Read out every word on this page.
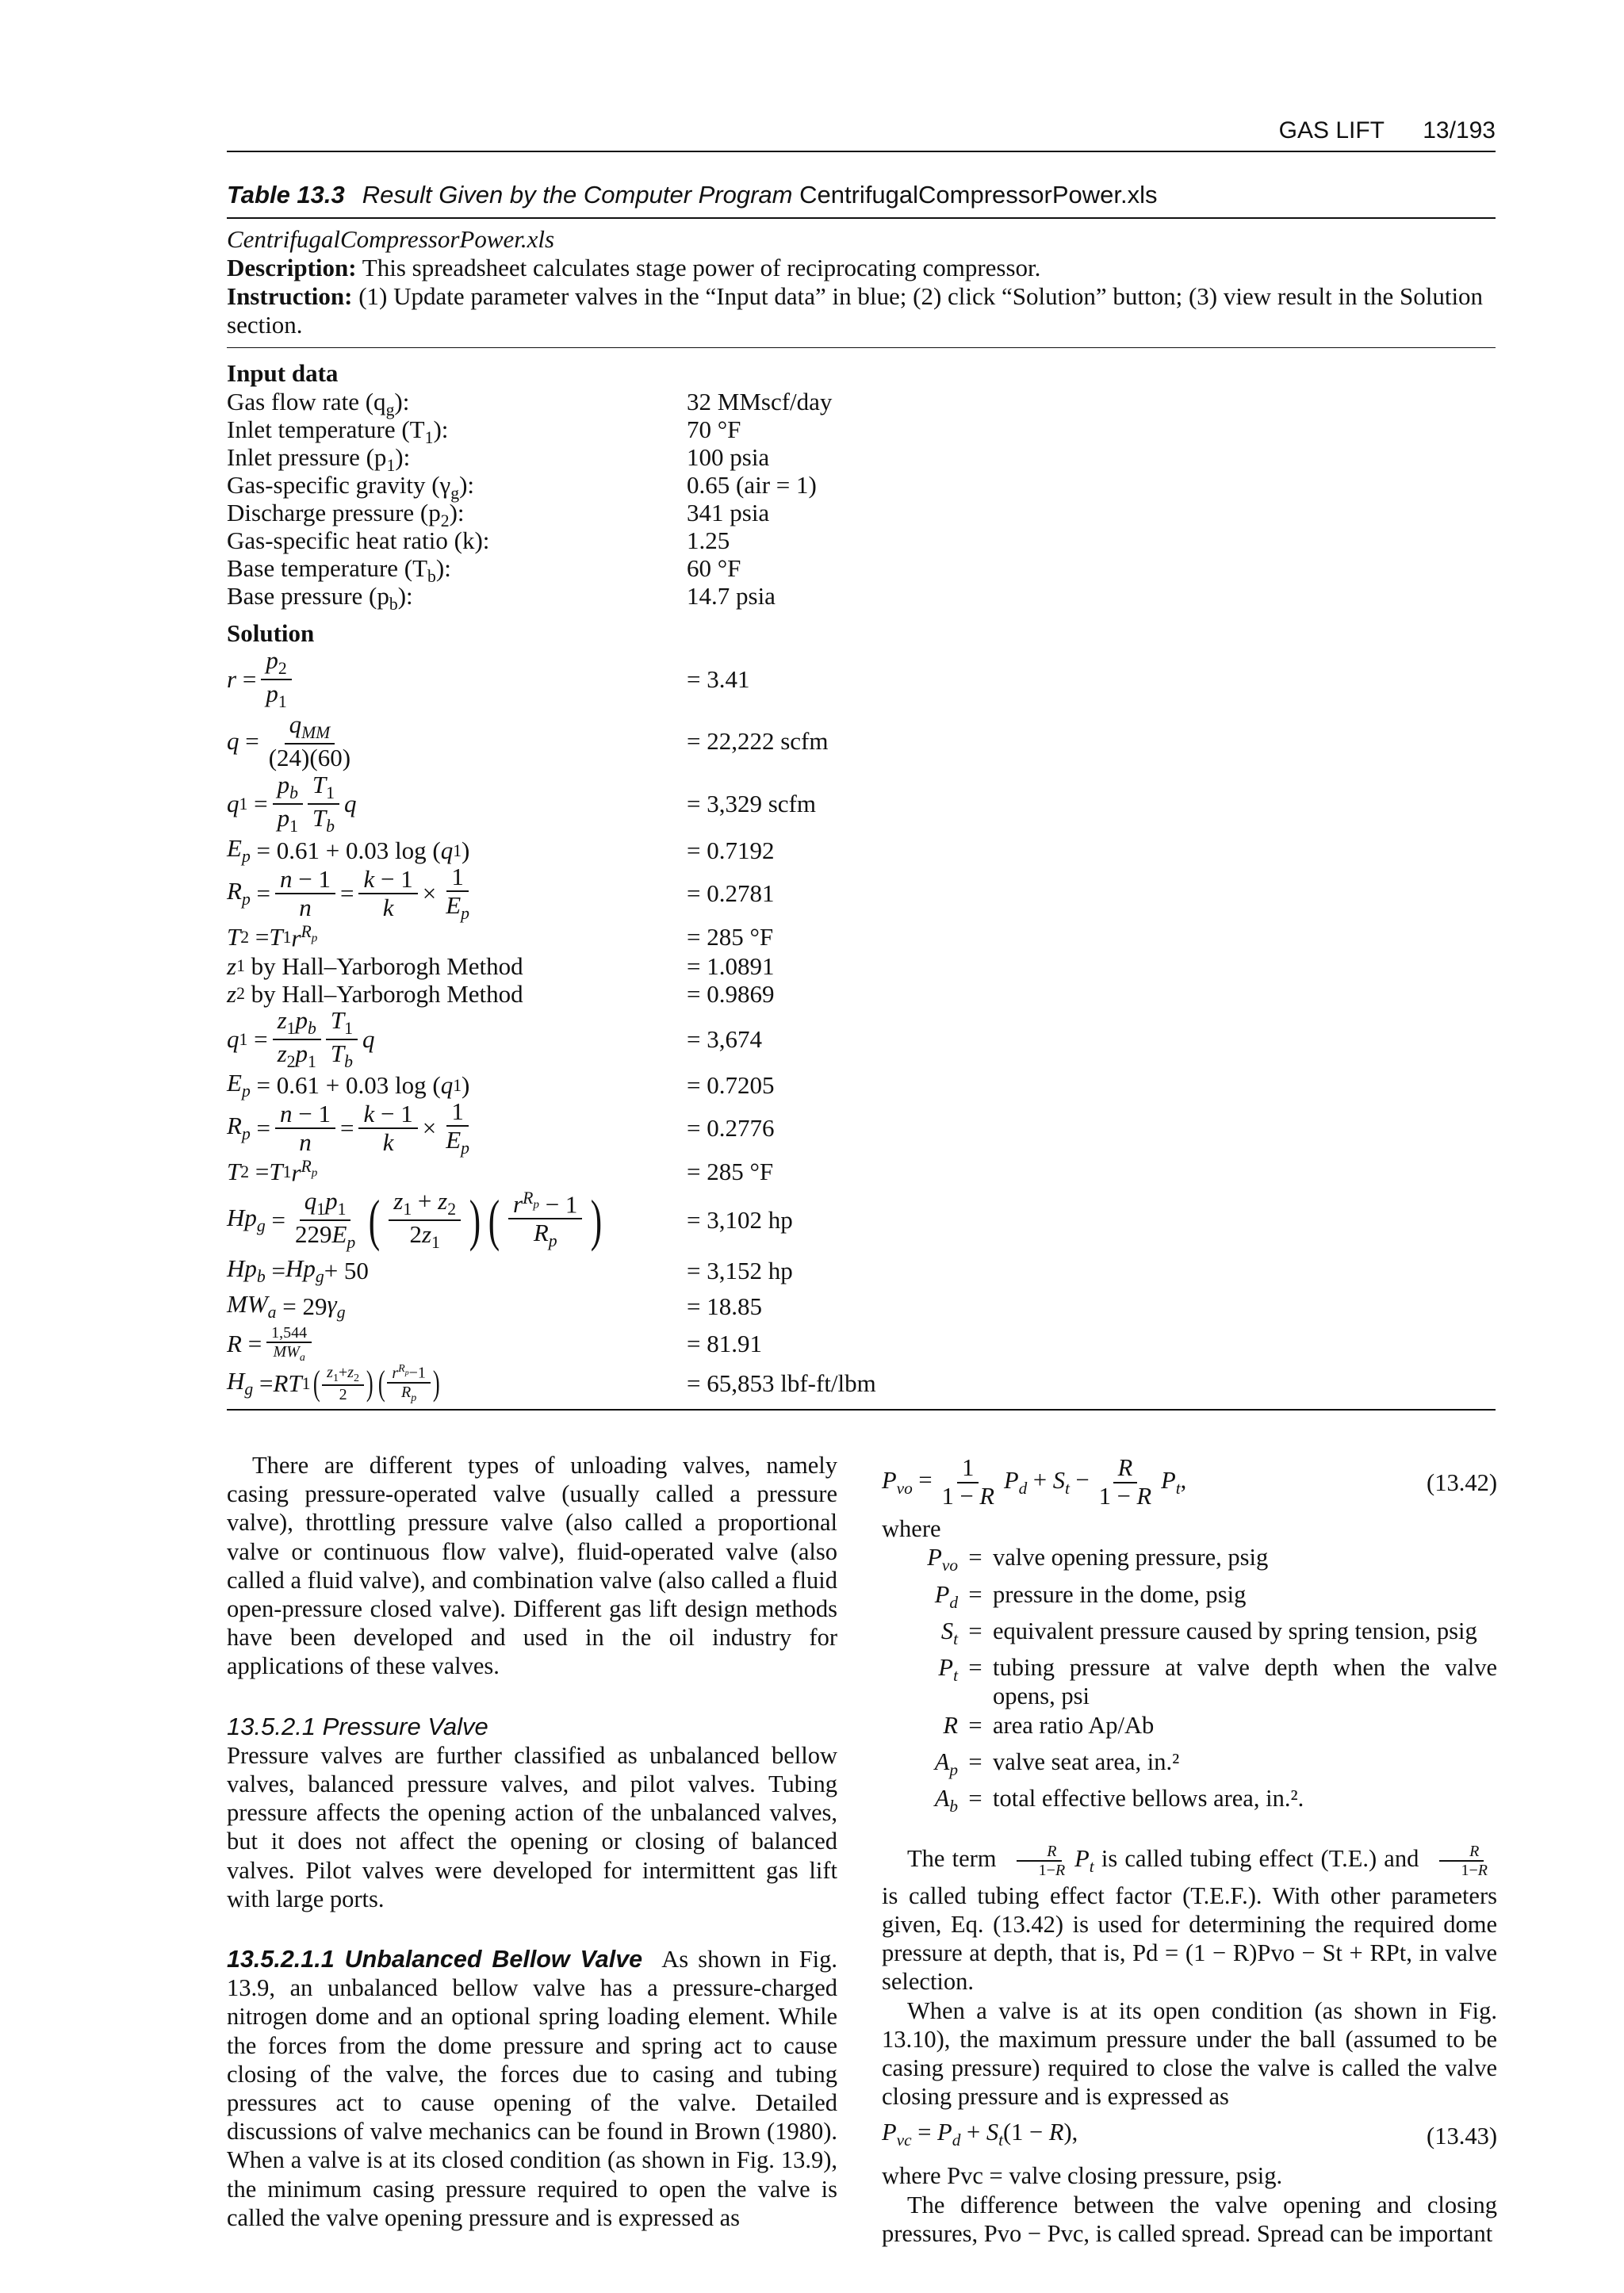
GAS LIFT 13/193
Table 13.3 Result Given by the Computer Program CentrifugalCompressorPower.xls
CentrifugalCompressorPower.xls
Description: This spreadsheet calculates stage power of reciprocating compressor.
Instruction: (1) Update parameter valves in the “Input data” in blue; (2) click “Solution” button; (3) view result in the Solution section.
Input data
Gas flow rate $(q_g)$:	32 MMscf/day
Inlet temperature $(T_1)$:	70 °F
Inlet pressure $(p_1)$:	100 psia
Gas-specific gravity $(\gamma_g)$:	0.65 (air = 1)
Discharge pressure $(p_2)$:	341 psia
Gas-specific heat ratio (k):	1.25
Base temperature $(T_b)$:	60 °F
Base pressure $(p_b)$:	14.7 psia
Solution
$r = \frac{p_2}{p_1}$	= 3.41
$q = \frac{q_{MM}}{(24)(60)}$	= 22,222 scfm
q $1 = \frac{p_b}{p_1} \frac{T_1}{T_b}$ q	= 3,329 scfm
$E_p = 0.61 + 0.03$ log ( q 1 )	= 0.7192
$R_p = \frac{n - 1}{n} = \frac{k - 1}{k} \times \frac{1}{E_p}$	= 0.2781
T 2 = T 1 $r^{R_p}$	= 285 °F
z 1
by Hall–Yarborogh Method	= 1.0891
z 2
by Hall–Yarborogh Method	= 0.9869
q $1 = \frac{z_1p_b}{z_2p_1} \frac{T_1}{T_b}$ q	= 3,674
$E_p = 0.61 + 0.03$ log ( q 1 )	= 0.7205
$R_p = \frac{n - 1}{n} = \frac{k - 1}{k} \times \frac{1}{E_p}$	= 0.2776
T 2 = T 1 $r^{R_p}$	= 285 °F
$Hp_g = \frac{q_1p_1}{229E_p}$ ( $\frac{z_1 + z_2}{2z_1}$ ) ( $\frac{r^{R_p} - 1}{R_p}$ )	= 3,102 hp
$Hp_b = Hp_g + 50$	= 3,152 hp
$MW_a = 29$ $\gamma_g$	= 18.85
$R = \frac{1,544}{MW_a}$	= 81.91
$H_g$ = RT 1 ( $\frac{z_1+z_2}{2}$ ) ( $\frac{r^{R_p}-1}{R_p}$ )	= 65,853 lbf-ft/lbm

There are different types of unloading valves, namely casing pressure-operated valve (usually called a pressure valve), throttling pressure valve (also called a proportional valve or continuous flow valve), fluid-operated valve (also called a fluid valve), and combination valve (also called a fluid open-pressure closed valve). Different gas lift design methods have been developed and used in the oil industry for applications of these valves.

13.5.2.1 Pressure Valve

Pressure valves are further classified as unbalanced bellow valves, balanced pressure valves, and pilot valves. Tubing pressure affects the opening action of the unbalanced valves, but it does not affect the opening or closing of balanced valves. Pilot valves were developed for intermittent gas lift with large ports.

13.5.2.1.1 Unbalanced Bellow Valve As shown in Fig. 13.9, an unbalanced bellow valve has a pressure-charged nitrogen dome and an optional spring loading element. While the forces from the dome pressure and spring act to cause closing of the valve, the forces due to casing and tubing pressures act to cause opening of the valve. Detailed discussions of valve mechanics can be found in Brown (1980). When a valve is at its closed condition (as shown in Fig. 13.9), the minimum casing pressure required to open the valve is called the valve opening pressure and is expressed as

$P_{vo} = \frac{1}{1 - R} P_d + S_t - \frac{R}{1 - R} P_t$,	(13.42)

where

$P_{vo}$ = valve opening pressure, psig
$P_d$ = pressure in the dome, psig
$S_t$ = equivalent pressure caused by spring tension, psig
$P_t$ = tubing pressure at valve depth when the valve opens, psi
R = area ratio Ap/Ab
$A_p$ = valve seat area, in.²
$A_b$ = total effective bellows area, in.².

The term $\frac{R}{1-R} P_t$ is called tubing effect (T.E.) and $\frac{R}{1-R}$
is called tubing effect factor (T.E.F.). With other parameters given, Eq. (13.42) is used for determining the required dome pressure at depth, that is, Pd = (1 − R)Pvo − St + RPt, in valve selection.

When a valve is at its open condition (as shown in Fig. 13.10), the maximum pressure under the ball (assumed to be casing pressure) required to close the valve is called the valve closing pressure and is expressed as

$P_{vc} = P_d + S_t(1 - R)$,	(13.43)

where Pvc = valve closing pressure, psig.

The difference between the valve opening and closing pressures, Pvo − Pvc, is called spread. Spread can be important
